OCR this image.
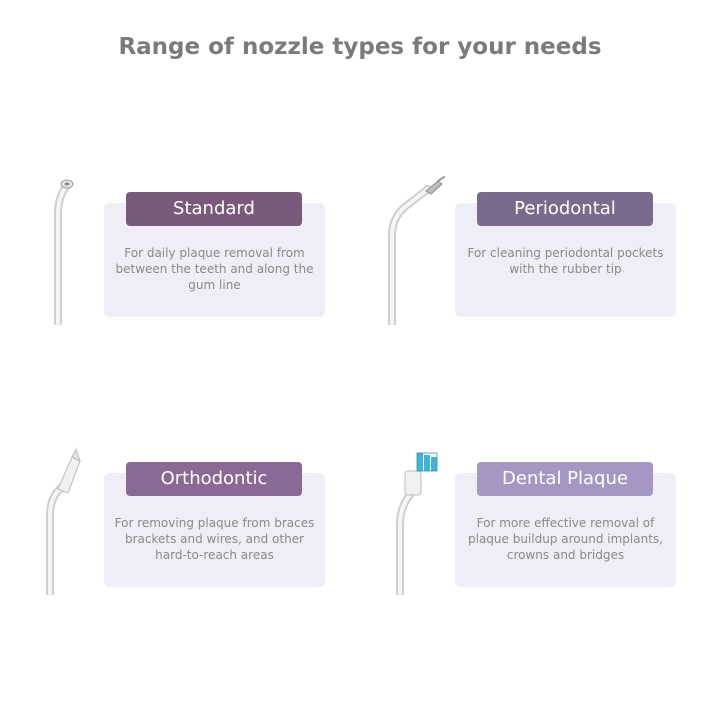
Range of nozzle types for your needs
Standard
For daily plaque removal from between the teeth and along the gum line
Periodontal
For cleaning periodontal pockets with the rubber tip
Orthodontic
For removing plaque from braces brackets and wires, and other hard-to-reach areas
Dental Plaque
For more effective removal of plaque buildup around implants, crowns and bridges
